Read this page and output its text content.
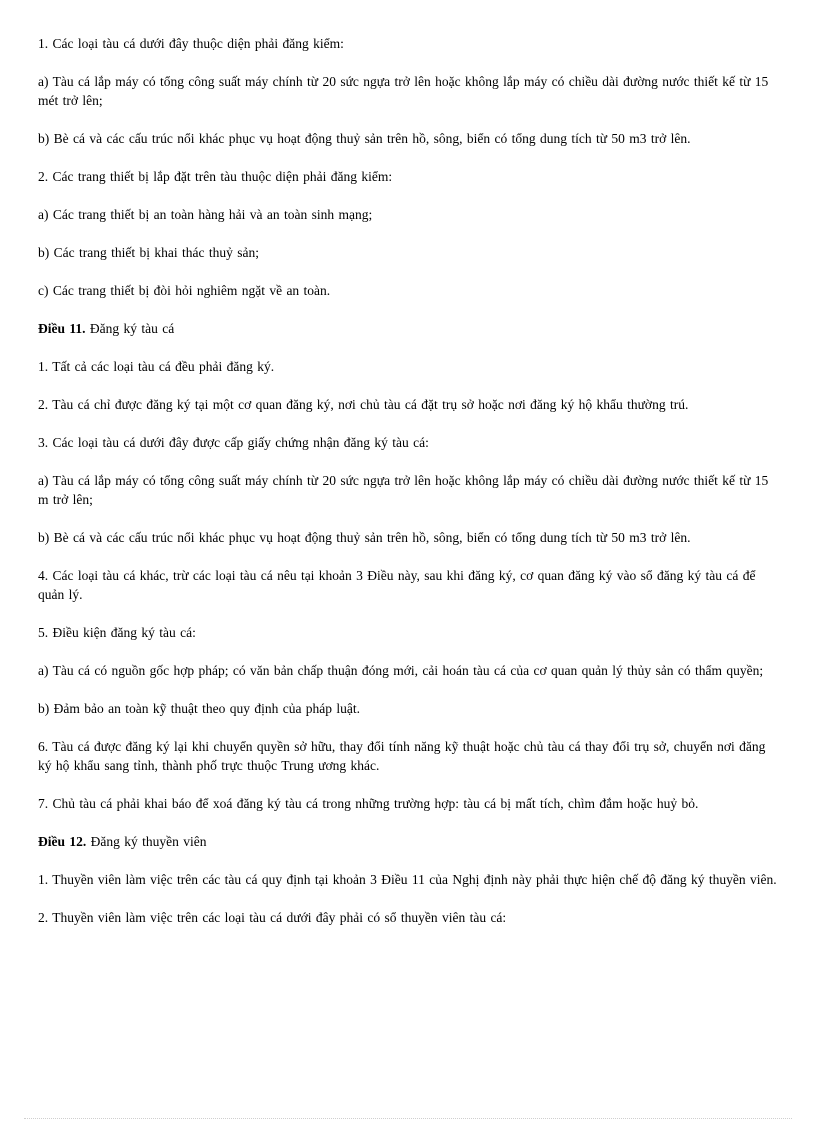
1. Các loại tàu cá dưới đây thuộc diện phải đăng kiểm:

a) Tàu cá lắp máy có tổng công suất máy chính từ 20 sức ngựa trở lên hoặc không lắp máy có chiều dài đường nước thiết kế từ 15 mét trở lên;

b) Bè cá và các cấu trúc nổi khác phục vụ hoạt động thuỷ sản trên hồ, sông, biển có tổng dung tích từ 50 m3 trở lên.

2. Các trang thiết bị lắp đặt trên tàu thuộc diện phải đăng kiểm:

a) Các trang thiết bị an toàn hàng hải và an toàn sinh mạng;

b) Các trang thiết bị khai thác thuỷ sản;

c) Các trang thiết bị đòi hỏi nghiêm ngặt về an toàn.

Điều 11. Đăng ký tàu cá

1. Tất cả các loại tàu cá đều phải đăng ký.

2. Tàu cá chỉ được đăng ký tại một cơ quan đăng ký, nơi chủ tàu cá đặt trụ sở hoặc nơi đăng ký hộ khẩu thường trú.

3. Các loại tàu cá dưới đây được cấp giấy chứng nhận đăng ký tàu cá:

a) Tàu cá lắp máy có tổng công suất máy chính từ 20 sức ngựa trở lên hoặc không lắp máy có chiều dài đường nước thiết kế từ 15 m trở lên;

b) Bè cá và các cấu trúc nổi khác phục vụ hoạt động thuỷ sản trên hồ, sông, biển có tổng dung tích từ 50 m3 trở lên.

4. Các loại tàu cá khác, trừ các loại tàu cá nêu tại khoản 3 Điều này, sau khi đăng ký, cơ quan đăng ký vào sổ đăng ký tàu cá để quản lý.

5. Điều kiện đăng ký tàu cá:

a) Tàu cá có nguồn gốc hợp pháp; có văn bản chấp thuận đóng mới, cải hoán tàu cá của cơ quan quản lý thủy sản có thẩm quyền;

b) Đảm bảo an toàn kỹ thuật theo quy định của pháp luật.

6. Tàu cá được đăng ký lại khi chuyển quyền sở hữu, thay đổi tính năng kỹ thuật hoặc chủ tàu cá thay đổi trụ sở, chuyển nơi đăng ký hộ khẩu sang tỉnh, thành phố trực thuộc Trung ương khác.

7. Chủ tàu cá phải khai báo để xoá đăng ký tàu cá trong những trường hợp: tàu cá bị mất tích, chìm đắm hoặc huỷ bỏ.

Điều 12. Đăng ký thuyền viên

1. Thuyền viên làm việc trên các tàu cá quy định tại khoản 3 Điều 11 của Nghị định này phải thực hiện chế độ đăng ký thuyền viên.

2. Thuyền viên làm việc trên các loại tàu cá dưới đây phải có sổ thuyền viên tàu cá:
